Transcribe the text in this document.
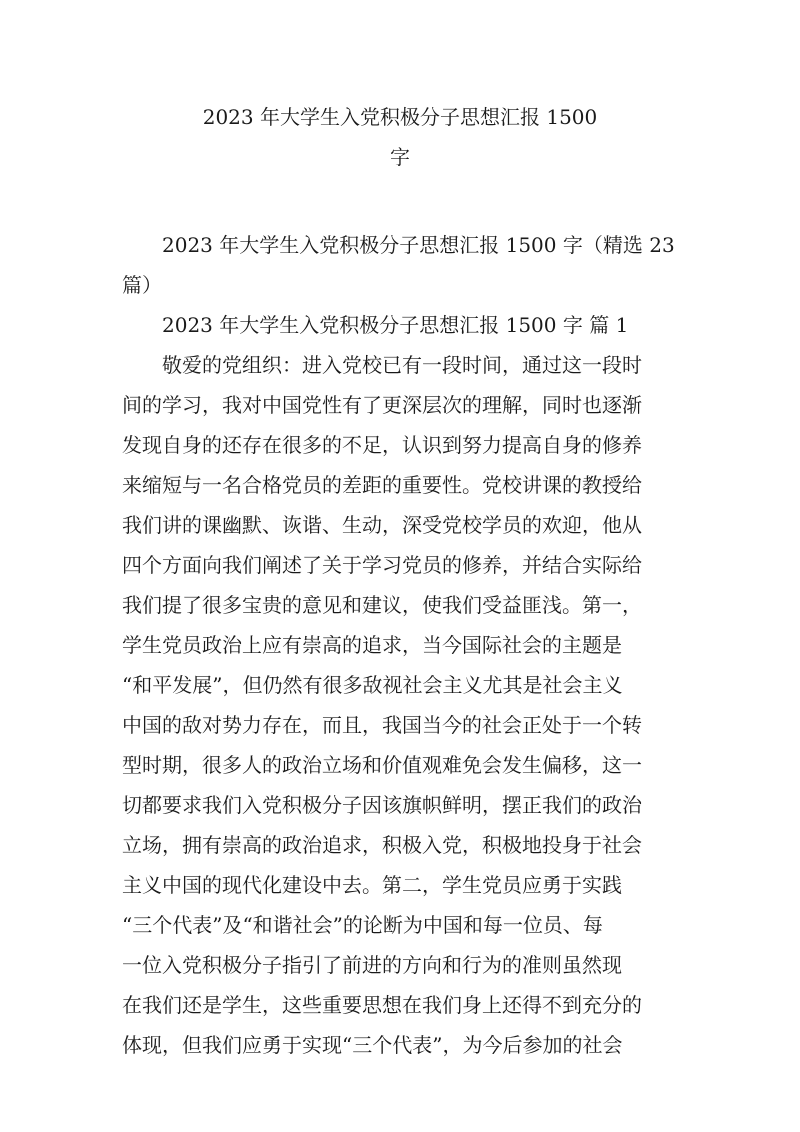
2023 年大学生入党积极分子思想汇报 1500
字
2023 年大学生入党积极分子思想汇报 1500 字（精选 23
篇）
2023 年大学生入党积极分子思想汇报 1500 字 篇 1
敬爱的党组织：进入党校已有一段时间，通过这一段时
间的学习，我对中国党性有了更深层次的理解，同时也逐渐
发现自身的还存在很多的不足，认识到努力提高自身的修养
来缩短与一名合格党员的差距的重要性。党校讲课的教授给
我们讲的课幽默、诙谐、生动，深受党校学员的欢迎，他从
四个方面向我们阐述了关于学习党员的修养，并结合实际给
我们提了很多宝贵的意见和建议，使我们受益匪浅。第一，
学生党员政治上应有崇高的追求，当今国际社会的主题是
“和平发展”，但仍然有很多敌视社会主义尤其是社会主义
中国的敌对势力存在，而且，我国当今的社会正处于一个转
型时期，很多人的政治立场和价值观难免会发生偏移，这一
切都要求我们入党积极分子因该旗帜鲜明，摆正我们的政治
立场，拥有崇高的政治追求，积极入党，积极地投身于社会
主义中国的现代化建设中去。第二，学生党员应勇于实践
“三个代表”及“和谐社会”的论断为中国和每一位员、每
一位入党积极分子指引了前进的方向和行为的准则虽然现
在我们还是学生，这些重要思想在我们身上还得不到充分的
体现，但我们应勇于实现“三个代表”，为今后参加的社会
